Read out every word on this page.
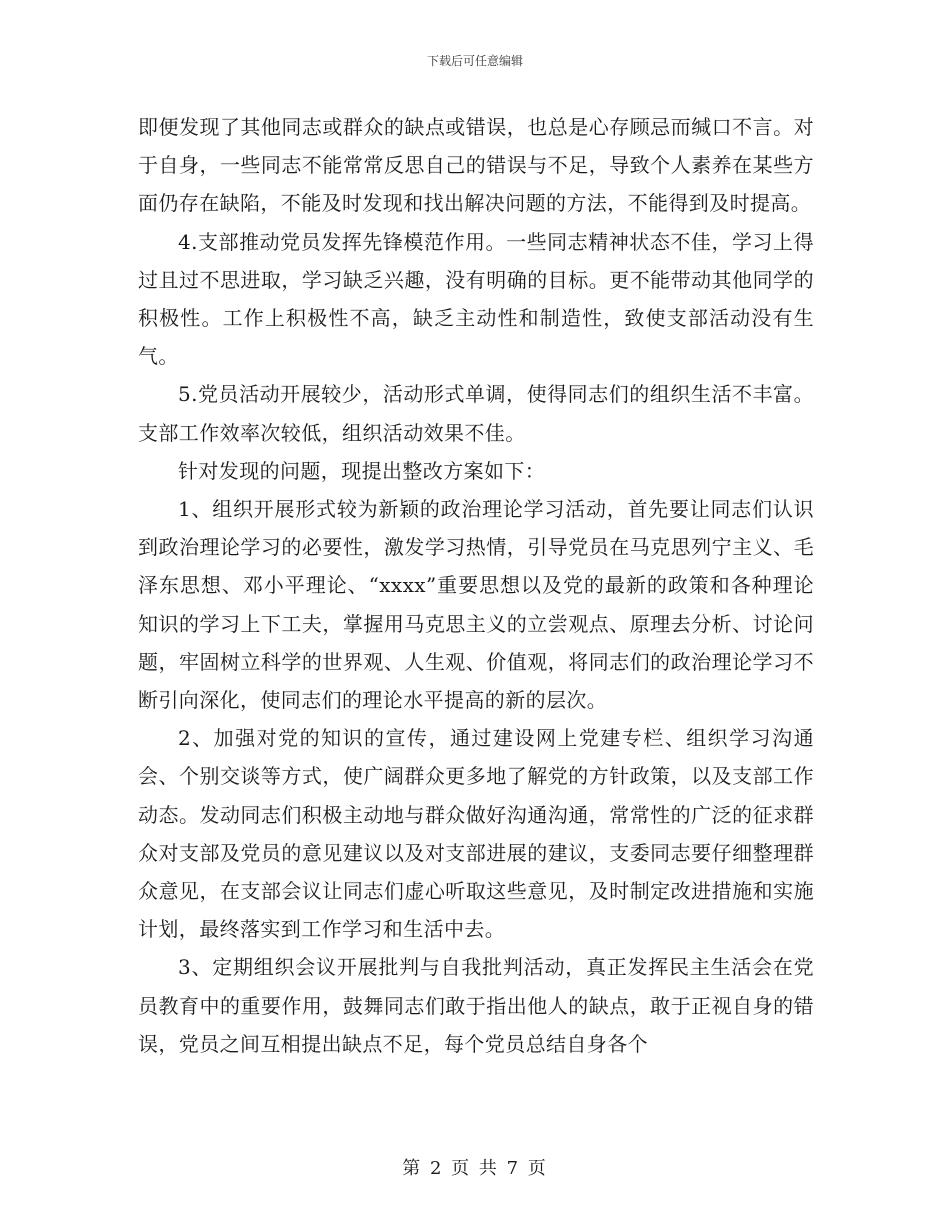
下载后可任意编辑

即便发现了其他同志或群众的缺点或错误，也总是心存顾忌而缄口不言。对于自身，一些同志不能常常反思自己的错误与不足，导致个人素养在某些方面仍存在缺陷，不能及时发现和找出解决问题的方法，不能得到及时提高。

4.支部推动党员发挥先锋模范作用。一些同志精神状态不佳，学习上得过且过不思进取，学习缺乏兴趣，没有明确的目标。更不能带动其他同学的积极性。工作上积极性不高，缺乏主动性和制造性，致使支部活动没有生气。

5.党员活动开展较少，活动形式单调，使得同志们的组织生活不丰富。支部工作效率次较低，组织活动效果不佳。

针对发现的问题，现提出整改方案如下：

1、组织开展形式较为新颖的政治理论学习活动，首先要让同志们认识到政治理论学习的必要性，激发学习热情，引导党员在马克思列宁主义、毛泽东思想、邓小平理论、“xxxx”重要思想以及党的最新的政策和各种理论知识的学习上下工夫，掌握用马克思主义的立尝观点、原理去分析、讨论问题，牢固树立科学的世界观、人生观、价值观，将同志们的政治理论学习不断引向深化，使同志们的理论水平提高的新的层次。

2、加强对党的知识的宣传，通过建设网上党建专栏、组织学习沟通会、个别交谈等方式，使广阔群众更多地了解党的方针政策，以及支部工作动态。发动同志们积极主动地与群众做好沟通沟通，常常性的广泛的征求群众对支部及党员的意见建议以及对支部进展的建议，支委同志要仔细整理群众意见，在支部会议让同志们虚心听取这些意见，及时制定改进措施和实施计划，最终落实到工作学习和生活中去。

3、定期组织会议开展批判与自我批判活动，真正发挥民主生活会在党员教育中的重要作用，鼓舞同志们敢于指出他人的缺点，敢于正视自身的错误，党员之间互相提出缺点不足，每个党员总结自身各个

第 2 页 共 7 页
